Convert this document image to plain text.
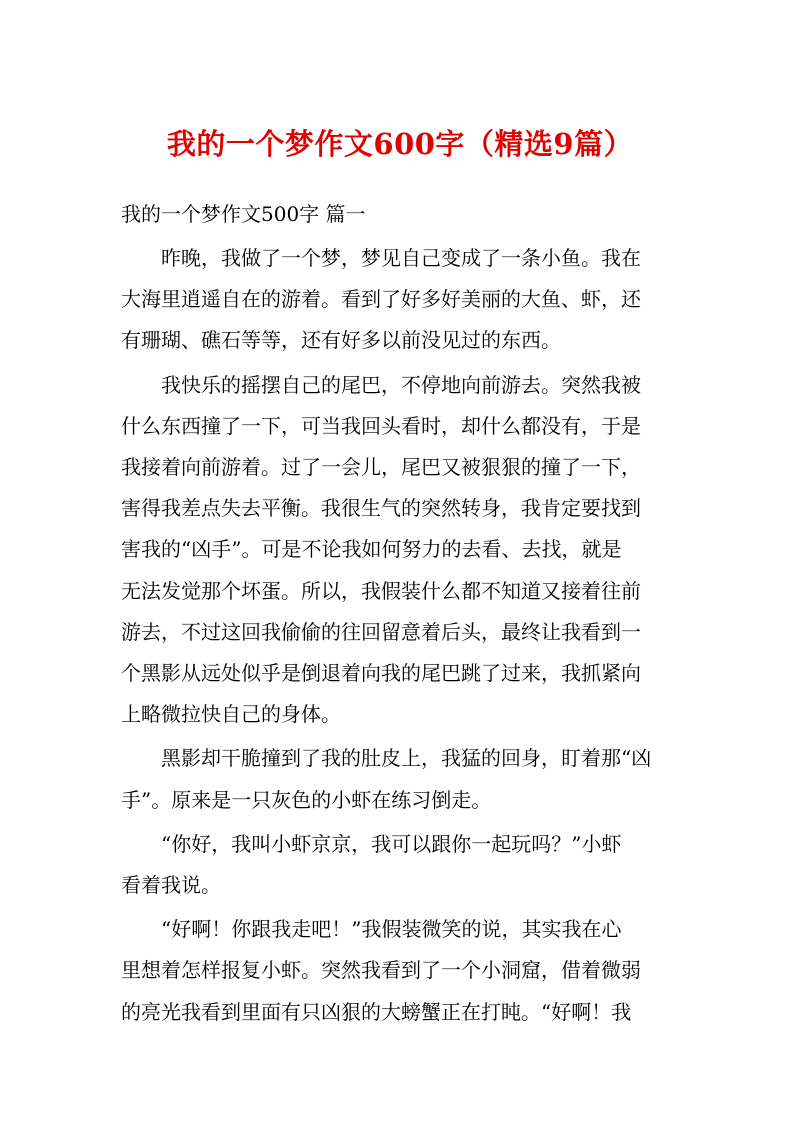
我的一个梦作文600字（精选9篇）

我的一个梦作文500字 篇一

昨晚，我做了一个梦，梦见自己变成了一条小鱼。我在
大海里逍遥自在的游着。看到了好多好美丽的大鱼、虾，还
有珊瑚、礁石等等，还有好多以前没见过的东西。

我快乐的摇摆自己的尾巴，不停地向前游去。突然我被
什么东西撞了一下，可当我回头看时，却什么都没有，于是
我接着向前游着。过了一会儿，尾巴又被狠狠的撞了一下，
害得我差点失去平衡。我很生气的突然转身，我肯定要找到
害我的“凶手”。可是不论我如何努力的去看、去找，就是
无法发觉那个坏蛋。所以，我假装什么都不知道又接着往前
游去，不过这回我偷偷的往回留意着后头，最终让我看到一
个黑影从远处似乎是倒退着向我的尾巴跳了过来，我抓紧向
上略微拉快自己的身体。

黑影却干脆撞到了我的肚皮上，我猛的回身，盯着那“凶
手”。原来是一只灰色的小虾在练习倒走。

“你好，我叫小虾京京，我可以跟你一起玩吗？”小虾
看着我说。

“好啊！你跟我走吧！”我假装微笑的说，其实我在心
里想着怎样报复小虾。突然我看到了一个小洞窟，借着微弱
的亮光我看到里面有只凶狠的大螃蟹正在打盹。“好啊！我
